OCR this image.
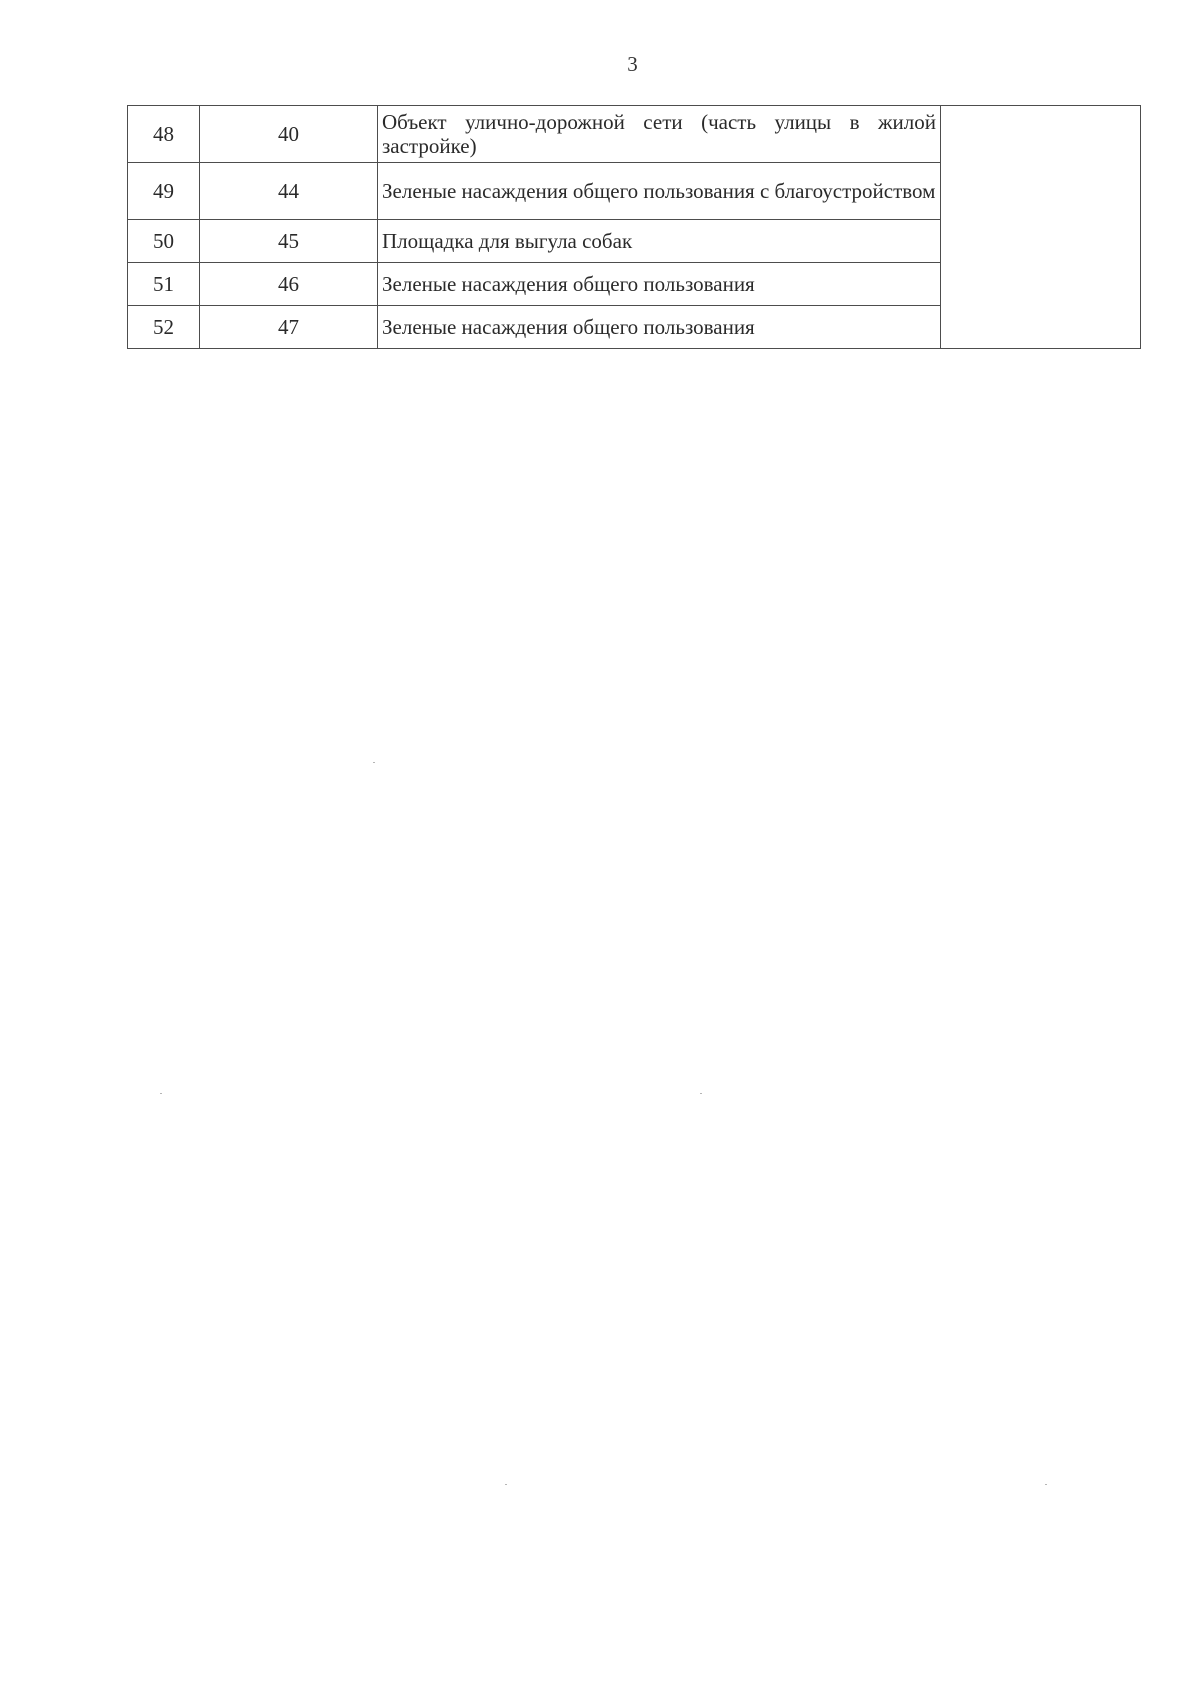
3
48	40	Объект улично-дорожной сети (часть улицы в жилой застройке)	
49	44	Зеленые насаждения общего пользования с благоустройством	
50	45	Площадка для выгула собак	
51	46	Зеленые насаждения общего пользования	
52	47	Зеленые насаждения общего пользования	
